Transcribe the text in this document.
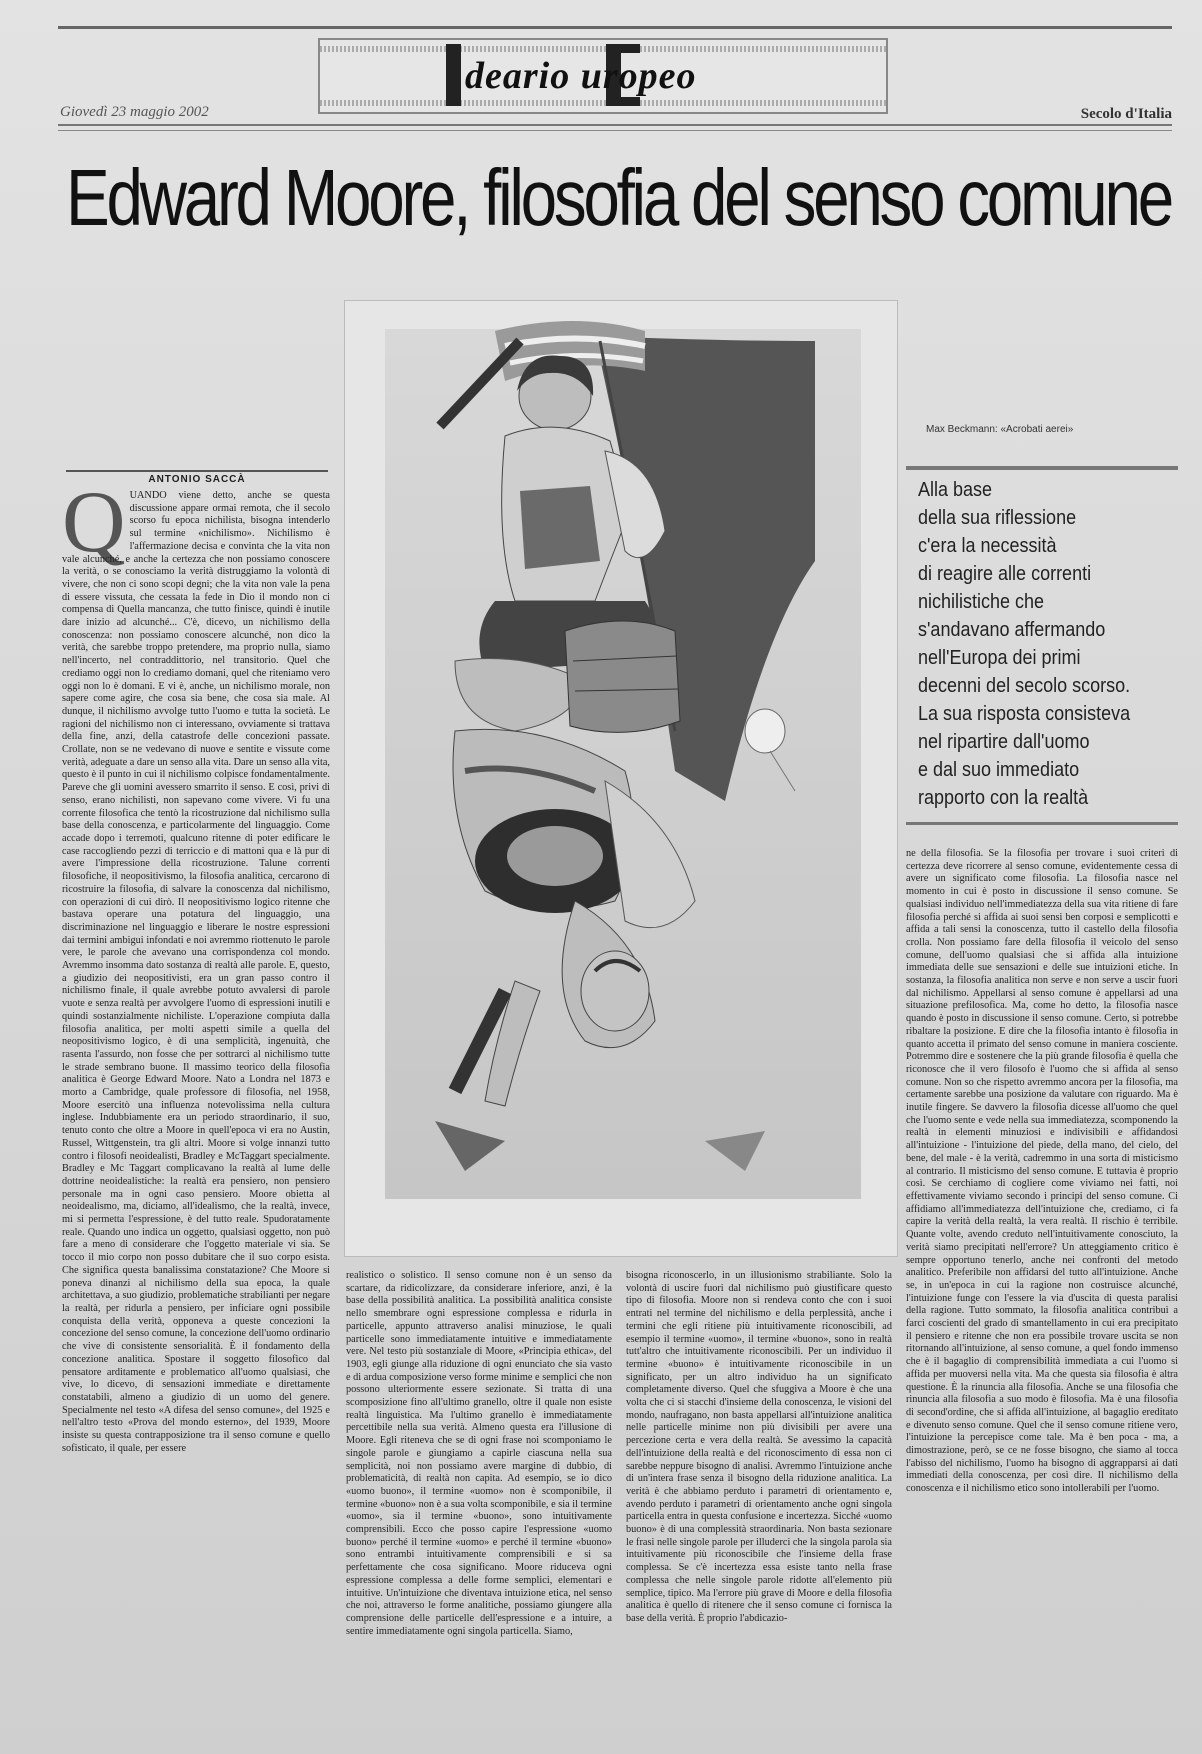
deario uropeo
Giovedì 23 maggio 2002	Secolo d'Italia
Edward Moore, filosofia del senso comune
ANTONIO SACCÀ
Q UANDO viene detto, anche se questa discussione appare ormai remota, che il secolo scorso fu epoca nichilista, bisogna intenderlo sul termine «nichilismo». Nichilismo è l'affermazione decisa e convinta che la vita non vale alcunché, e anche la certezza che non possiamo conoscere la verità, o se conosciamo la verità distruggiamo la volontà di vivere, che non ci sono scopi degni; che la vita non vale la pena di essere vissuta, che cessata la fede in Dio il mondo non ci compensa di Quella mancanza, che tutto finisce, quindi è inutile dare inizio ad alcunché... C'è, dicevo, un nichilismo della conoscenza: non possiamo conoscere alcunché, non dico la verità, che sarebbe troppo pretendere, ma proprio nulla, siamo nell'incerto, nel contraddittorio, nel transitorio. Quel che crediamo oggi non lo crediamo domani, quel che riteniamo vero oggi non lo è domani. E vi è, anche, un nichilismo morale, non sapere come agire, che cosa sia bene, che cosa sia male. Al dunque, il nichilismo avvolge tutto l'uomo e tutta la società. Le ragioni del nichilismo non ci interessano, ovviamente si trattava della fine, anzi, della catastrofe delle concezioni passate. Crollate, non se ne vedevano di nuove e sentite e vissute come verità, adeguate a dare un senso alla vita. Dare un senso alla vita, questo è il punto in cui il nichilismo colpisce fondamentalmente. Pareve che gli uomini avessero smarrito il senso. E così, privi di senso, erano nichilisti, non sapevano come vivere. Vi fu una corrente filosofica che tentò la ricostruzione dal nichilismo sulla base della conoscenza, e particolarmente del linguaggio. Come accade dopo i terremoti, qualcuno ritenne di poter edificare le case raccogliendo pezzi di terriccio e di mattoni qua e là pur di avere l'impressione della ricostruzione. Talune correnti filosofiche, il neopositivismo, la filosofia analitica, cercarono di ricostruire la filosofia, di salvare la conoscenza dal nichilismo, con operazioni di cui dirò. Il neopositivismo logico ritenne che bastava operare una potatura del linguaggio, una discriminazione nel linguaggio e liberare le nostre espressioni dai termini ambigui infondati e noi avremmo riottenuto le parole vere, le parole che avevano una corrispondenza col mondo. Avremmo insomma dato sostanza di realtà alle parole. E, questo, a giudizio dei neopositivisti, era un gran passo contro il nichilismo finale, il quale avrebbe potuto avvalersi di parole vuote e senza realtà per avvolgere l'uomo di espressioni inutili e quindi sostanzialmente nichiliste. L'operazione compiuta dalla filosofia analitica, per molti aspetti simile a quella del neopositivismo logico, è di una semplicità, ingenuità, che rasenta l'assurdo, non fosse che per sottrarci al nichilismo tutte le strade sembrano buone. Il massimo teorico della filosofia analitica è George Edward Moore. Nato a Londra nel 1873 e morto a Cambridge, quale professore di filosofia, nel 1958, Moore esercitò una influenza notevolissima nella cultura inglese. Indubbiamente era un periodo straordinario, il suo, tenuto conto che oltre a Moore in quell'epoca vi era no Austin, Russel, Wittgenstein, tra gli altri. Moore si volge innanzi tutto contro i filosofi neoidealisti, Bradley e McTaggart specialmente. Bradley e Mc Taggart complicavano la realtà al lume delle dottrine neoidealistiche: la realtà era pensiero, non pensiero personale ma in ogni caso pensiero. Moore obietta al neoidealismo, ma, diciamo, all'idealismo, che la realtà, invece, mi si permetta l'espressione, è del tutto reale. Spudoratamente reale. Quando uno indica un oggetto, qualsiasi oggetto, non può fare a meno di considerare che l'oggetto materiale vi sia. Se tocco il mio corpo non posso dubitare che il suo corpo esista. Che significa questa banalissima constatazione? Che Moore si poneva dinanzi al nichilismo della sua epoca, la quale architettava, a suo giudizio, problematiche strabilianti per negare la realtà, per ridurla a pensiero, per inficiare ogni possibile conquista della verità, opponeva a queste concezioni la concezione del senso comune, la concezione dell'uomo ordinario che vive di consistente sensorialità. È il fondamento della concezione analitica. Spostare il soggetto filosofico dal pensatore arditamente e problematico all'uomo qualsiasi, che vive, lo dicevo, di sensazioni immediate e direttamente constatabili, almeno a giudizio di un uomo del genere. Specialmente nel testo «A difesa del senso comune», del 1925 e nell'altro testo «Prova del mondo esterno», del 1939, Moore insiste su questa contrapposizione tra il senso comune e quello sofisticato, il quale, per essere

Max Beckmann: «Acrobati aerei»
Alla base
della sua riflessione
c'era la necessità
di reagire alle correnti
nichilistiche che
s'andavano affermando
nell'Europa dei primi
decenni del secolo scorso.
La sua risposta consisteva
nel ripartire dall'uomo
e dal suo immediato
rapporto con la realtà

realistico o solistico. Il senso comune non è un senso da scartare, da ridicolizzare, da considerare inferiore, anzi, è la base della possibilità analitica. La possibilità analitica consiste nello smembrare ogni espressione complessa e ridurla in particelle, appunto attraverso analisi minuziose, le quali particelle sono immediatamente intuitive e immediatamente vere. Nel testo più sostanziale di Moore, «Principia ethica», del 1903, egli giunge alla riduzione di ogni enunciato che sia vasto e di ardua composizione verso forme minime e semplici che non possono ulteriormente essere sezionate. Si tratta di una scomposizione fino all'ultimo granello, oltre il quale non esiste realtà linguistica. Ma l'ultimo granello è immediatamente percettibile nella sua verità. Almeno questa era l'illusione di Moore. Egli riteneva che se di ogni frase noi scomponiamo le singole parole e giungiamo a capirle ciascuna nella sua semplicità, noi non possiamo avere margine di dubbio, di problematicità, di realtà non capita. Ad esempio, se io dico «uomo buono», il termine «uomo» non è scomponibile, il termine «buono» non è a sua volta scomponibile, e sia il termine «uomo», sia il termine «buono», sono intuitivamente comprensibili. Ecco che posso capire l'espressione «uomo buono» perché il termine «uomo» e perché il termine «buono» sono entrambi intuitivamente comprensibili e si sa perfettamente che cosa significano. Moore riduceva ogni espressione complessa a delle forme semplici, elementari e intuitive. Un'intuizione che diventava intuizione etica, nel senso che noi, attraverso le forme analitiche, possiamo giungere alla comprensione delle particelle dell'espressione e a intuire, a sentire immediatamente ogni singola particella. Siamo,

bisogna riconoscerlo, in un illusionismo strabiliante. Solo la volontà di uscire fuori dal nichilismo può giustificare questo tipo di filosofia. Moore non si rendeva conto che con i suoi entrati nel termine del nichilismo e della perplessità, anche i termini che egli ritiene più intuitivamente riconoscibili, ad esempio il termine «uomo», il termine «buono», sono in realtà tutt'altro che intuitivamente riconoscibili. Per un individuo il termine «buono» è intuitivamente riconoscibile in un significato, per un altro individuo ha un significato completamente diverso. Quel che sfuggiva a Moore è che una volta che ci si stacchi d'insieme della conoscenza, le visioni del mondo, naufragano, non basta appellarsi all'intuizione analitica nelle particelle minime non più divisibili per avere una percezione certa e vera della realtà. Se avessimo la capacità dell'intuizione della realtà e del riconoscimento di essa non ci sarebbe neppure bisogno di analisi. Avremmo l'intuizione anche di un'intera frase senza il bisogno della riduzione analitica. La verità è che abbiamo perduto i parametri di orientamento e, avendo perduto i parametri di orientamento anche ogni singola particella entra in questa confusione e incertezza. Sicché «uomo buono» è di una complessità straordinaria. Non basta sezionare le frasi nelle singole parole per illuderci che la singola parola sia intuitivamente più riconoscibile che l'insieme della frase complessa. Se c'è incertezza essa esiste tanto nella frase complessa che nelle singole parole ridotte all'elemento più semplice, tipico. Ma l'errore più grave di Moore e della filosofia analitica è quello di ritenere che il senso comune ci fornisca la base della verità. È proprio l'abdicazio-

ne della filosofia. Se la filosofia per trovare i suoi criteri di certezza deve ricorrere al senso comune, evidentemente cessa di avere un significato come filosofia. La filosofia nasce nel momento in cui è posto in discussione il senso comune. Se qualsiasi individuo nell'immediatezza della sua vita ritiene di fare filosofia perché si affida ai suoi sensi ben corposi e semplicotti e affida a tali sensi la conoscenza, tutto il castello della filosofia crolla. Non possiamo fare della filosofia il veicolo del senso comune, dell'uomo qualsiasi che si affida alla intuizione immediata delle sue sensazioni e delle sue intuizioni etiche. In sostanza, la filosofia analitica non serve e non serve a uscir fuori dal nichilismo. Appellarsi al senso comune è appellarsi ad una situazione prefilosofica. Ma, come ho detto, la filosofia nasce quando è posto in discussione il senso comune. Certo, si potrebbe ribaltare la posizione. E dire che la filosofia intanto è filosofia in quanto accetta il primato del senso comune in maniera cosciente. Potremmo dire e sostenere che la più grande filosofia è quella che riconosce che il vero filosofo è l'uomo che si affida al senso comune. Non so che rispetto avremmo ancora per la filosofia, ma certamente sarebbe una posizione da valutare con riguardo. Ma è inutile fingere. Se davvero la filosofia dicesse all'uomo che quel che l'uomo sente e vede nella sua immediatezza, scomponendo la realtà in elementi minuziosi e indivisibili e affidandosi all'intuizione - l'intuizione del piede, della mano, del cielo, del bene, del male - è la verità, cadremmo in una sorta di misticismo al contrario. Il misticismo del senso comune. E tuttavia è proprio così. Se cerchiamo di cogliere come viviamo nei fatti, noi effettivamente viviamo secondo i principi del senso comune. Ci affidiamo all'immediatezza dell'intuizione che, crediamo, ci fa capire la verità della realtà, la vera realtà. Il rischio è terribile. Quante volte, avendo creduto nell'intuitivamente conosciuto, la verità siamo precipitati nell'errore? Un atteggiamento critico è sempre opportuno tenerlo, anche nei confronti del metodo analitico. Preferibile non affidarsi del tutto all'intuizione. Anche se, in un'epoca in cui la ragione non costruisce alcunché, l'intuizione funge con l'essere la via d'uscita di questa paralisi della ragione. Tutto sommato, la filosofia analitica contribuì a farci coscienti del grado di smantellamento in cui era precipitato il pensiero e ritenne che non era possibile trovare uscita se non ritornando all'intuizione, al senso comune, a quel fondo immenso che è il bagaglio di comprensibilità immediata a cui l'uomo si affida per muoversi nella vita. Ma che questa sia filosofia è altra questione. È la rinuncia alla filosofia. Anche se una filosofia che rinuncia alla filosofia a suo modo è filosofia. Ma è una filosofia di second'ordine, che si affida all'intuizione, al bagaglio ereditato e divenuto senso comune. Quel che il senso comune ritiene vero, l'intuizione la percepisce come tale. Ma è ben poca - ma, a dimostrazione, però, se ce ne fosse bisogno, che siamo al tocca l'abisso del nichilismo, l'uomo ha bisogno di aggrapparsi ai dati immediati della conoscenza, per così dire. Il nichilismo della conoscenza e il nichilismo etico sono intollerabili per l'uomo.
